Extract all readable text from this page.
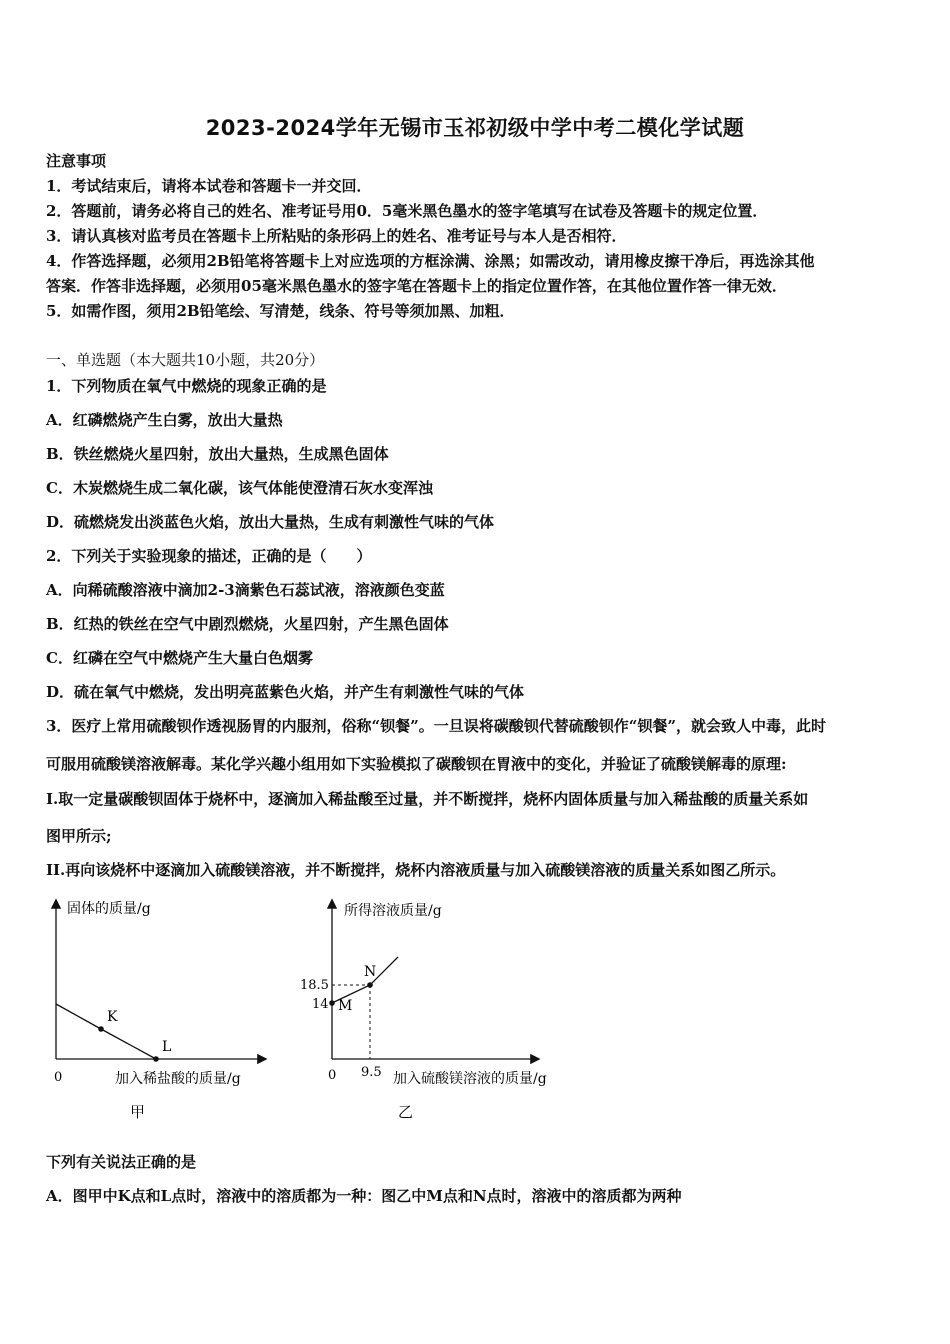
2023-2024学年无锡市玉祁初级中学中考二模化学试题
注意事项
1．考试结束后，请将本试卷和答题卡一并交回．
2．答题前，请务必将自己的姓名、准考证号用0．5毫米黑色墨水的签字笔填写在试卷及答题卡的规定位置．
3．请认真核对监考员在答题卡上所粘贴的条形码上的姓名、准考证号与本人是否相符．
4．作答选择题，必须用2B铅笔将答题卡上对应选项的方框涂满、涂黑；如需改动，请用橡皮擦干净后，再选涂其他
答案．作答非选择题，必须用05毫米黑色墨水的签字笔在答题卡上的指定位置作答，在其他位置作答一律无效．
5．如需作图，须用2B铅笔绘、写清楚，线条、符号等须加黑、加粗．
一、单选题（本大题共10小题，共20分）
1．下列物质在氧气中燃烧的现象正确的是
A．红磷燃烧产生白雾，放出大量热
B．铁丝燃烧火星四射，放出大量热，生成黑色固体
C．木炭燃烧生成二氧化碳，该气体能使澄清石灰水变浑浊
D．硫燃烧发出淡蓝色火焰，放出大量热，生成有刺激性气味的气体
2．下列关于实验现象的描述，正确的是（　　）
A．向稀硫酸溶液中滴加2-3滴紫色石蕊试液，溶液颜色变蓝
B．红热的铁丝在空气中剧烈燃烧，火星四射，产生黑色固体
C．红磷在空气中燃烧产生大量白色烟雾
D．硫在氧气中燃烧，发出明亮蓝紫色火焰，并产生有刺激性气味的气体
3．医疗上常用硫酸钡作透视肠胃的内服剂，俗称“钡餐”。一旦误将碳酸钡代替硫酸钡作“钡餐”，就会致人中毒，此时
可服用硫酸镁溶液解毒。某化学兴趣小组用如下实验模拟了碳酸钡在胃液中的变化，并验证了硫酸镁解毒的原理:
I.取一定量碳酸钡固体于烧杯中，逐滴加入稀盐酸至过量，并不断搅拌，烧杯内固体质量与加入稀盐酸的质量关系如
图甲所示;
II.再向该烧杯中逐滴加入硫酸镁溶液，并不断搅拌，烧杯内溶液质量与加入硫酸镁溶液的质量关系如图乙所示。
固体的质量/g
加入稀盐酸的质量/g
0
K
L
甲
所得溶液质量/g
加入硫酸镁溶液的质量/g
0
18.5
14
9.5
M
N
乙
下列有关说法正确的是
A．图甲中K点和L点时，溶液中的溶质都为一种：图乙中M点和N点时，溶液中的溶质都为两种
